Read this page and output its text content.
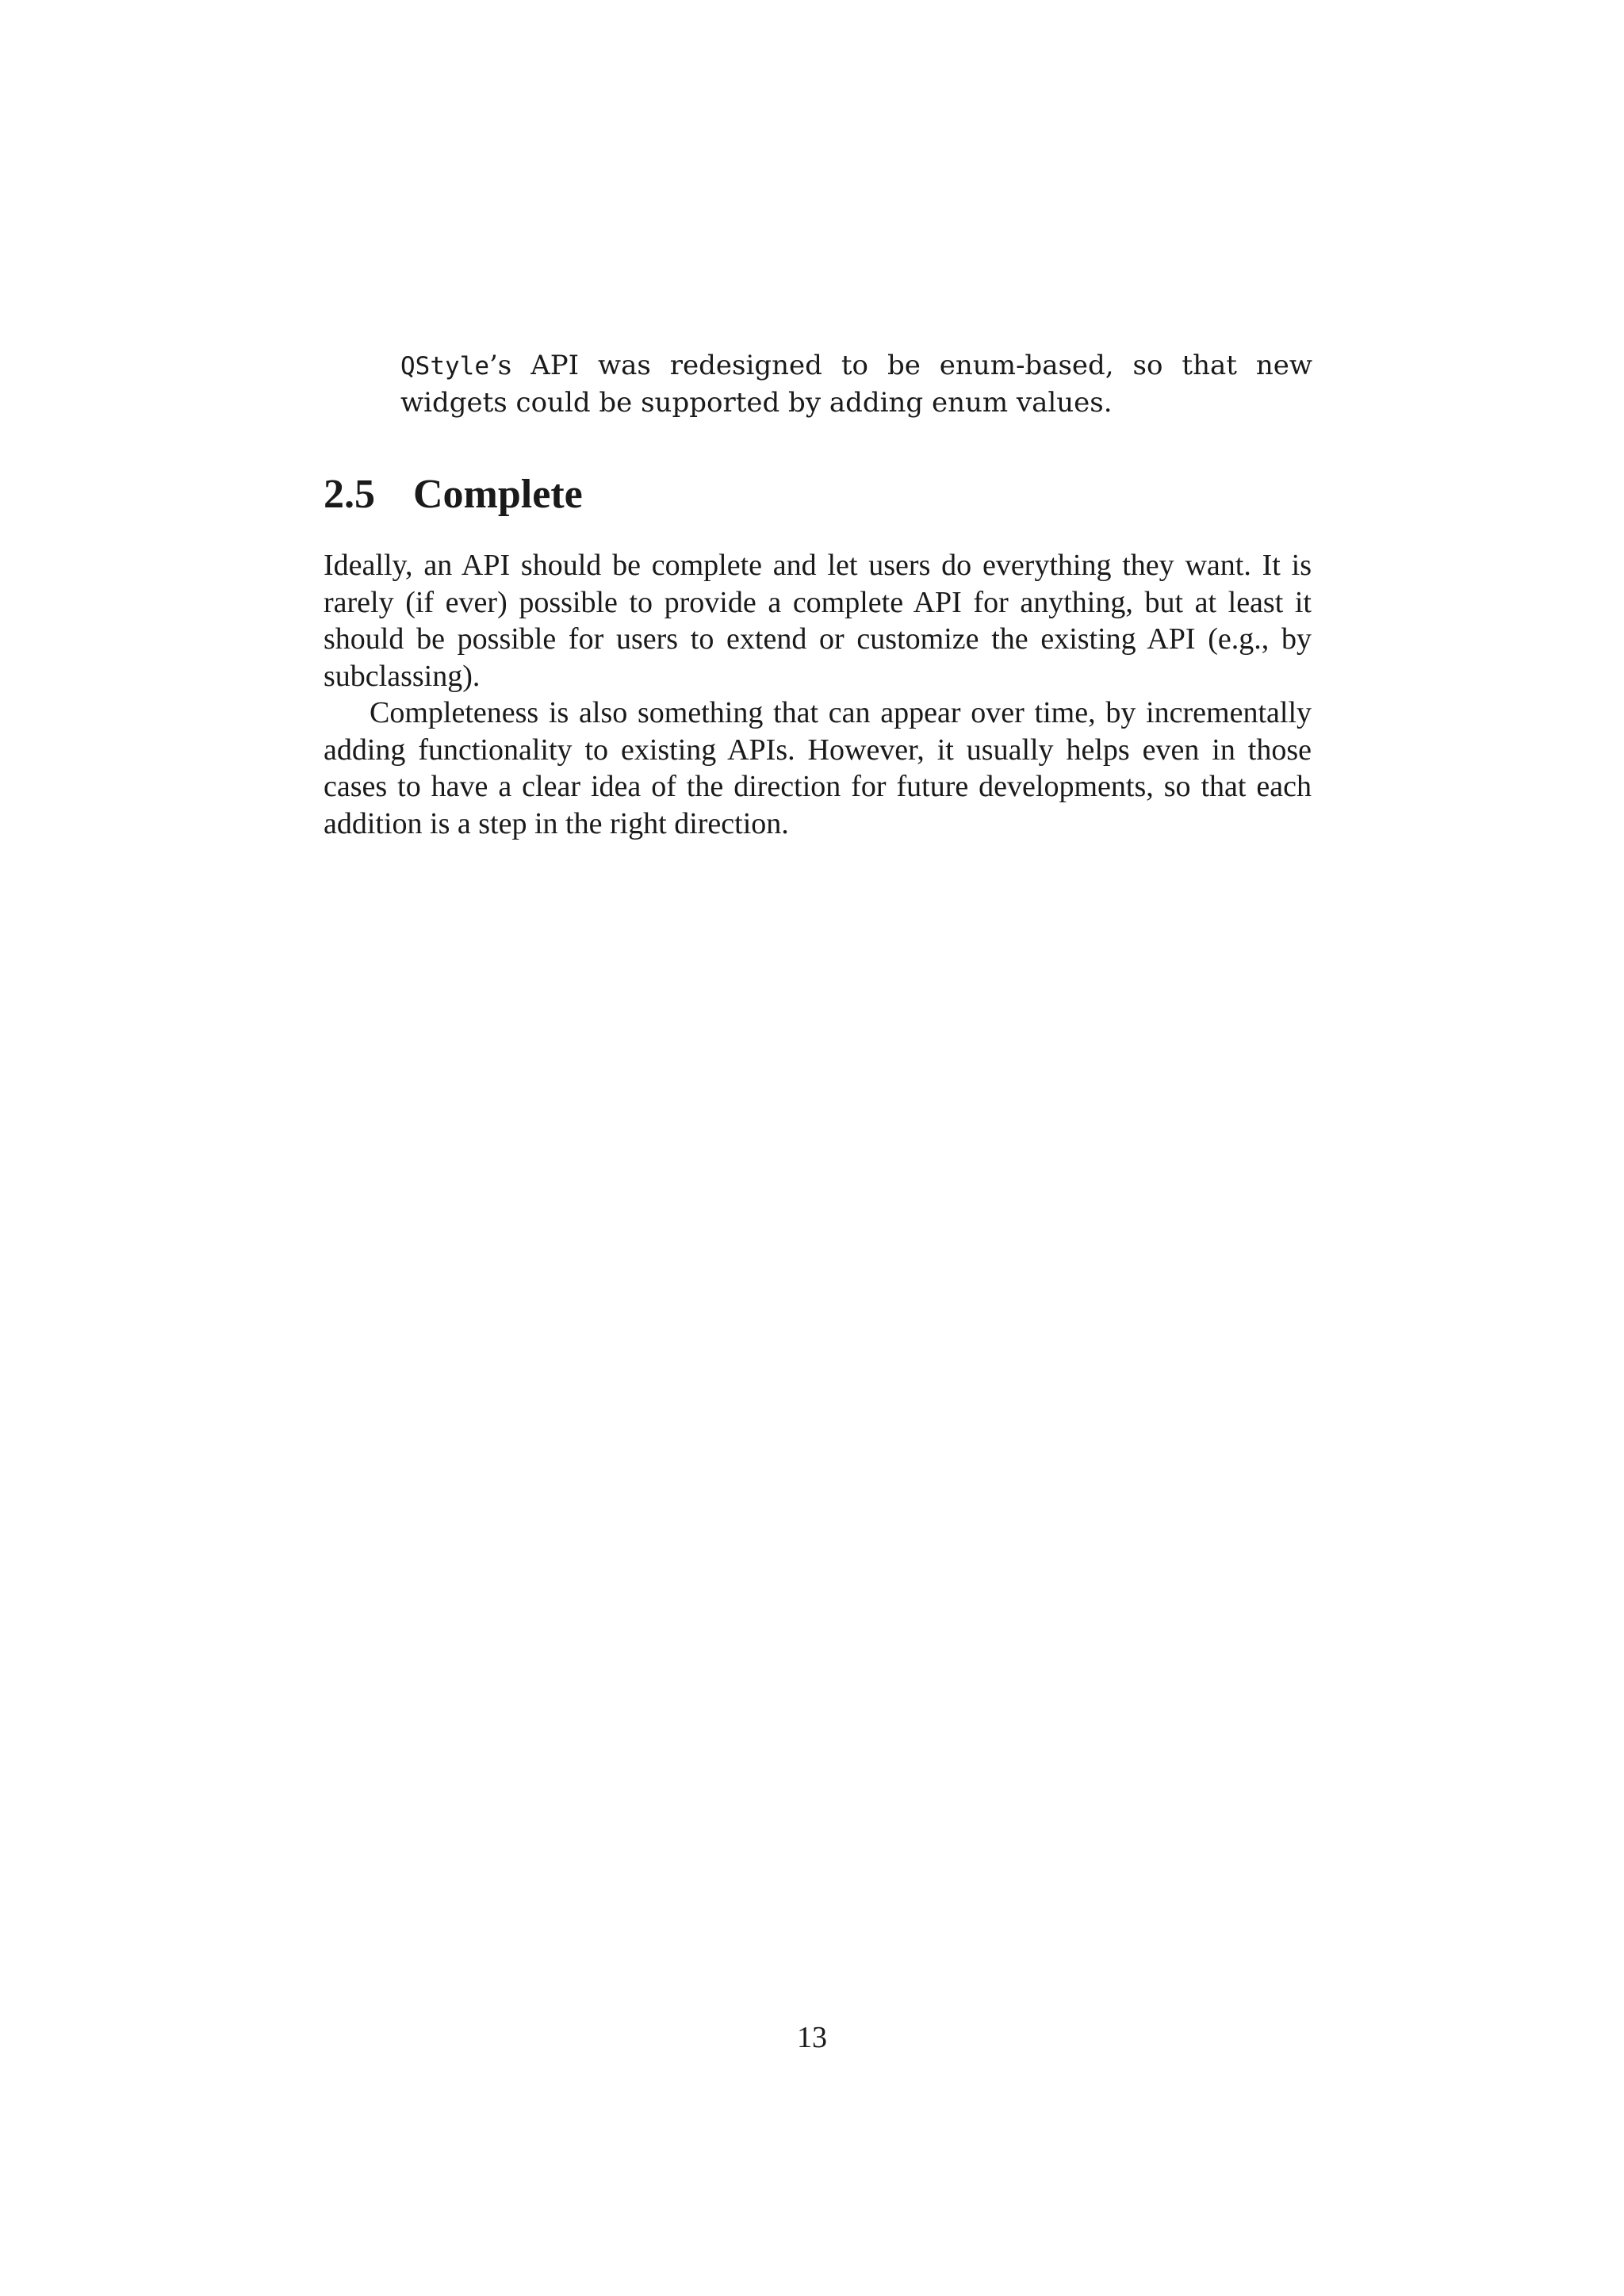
QStyle’s API was redesigned to be enum-based, so that new widgets could be supported by adding enum values.
2.5 Complete

Ideally, an API should be complete and let users do everything they want. It is rarely (if ever) possible to provide a complete API for anything, but at least it should be possible for users to extend or customize the existing API (e.g., by subclassing).

Completeness is also something that can appear over time, by incrementally adding functionality to existing APIs. However, it usually helps even in those cases to have a clear idea of the direction for future developments, so that each addition is a step in the right direction.

13
